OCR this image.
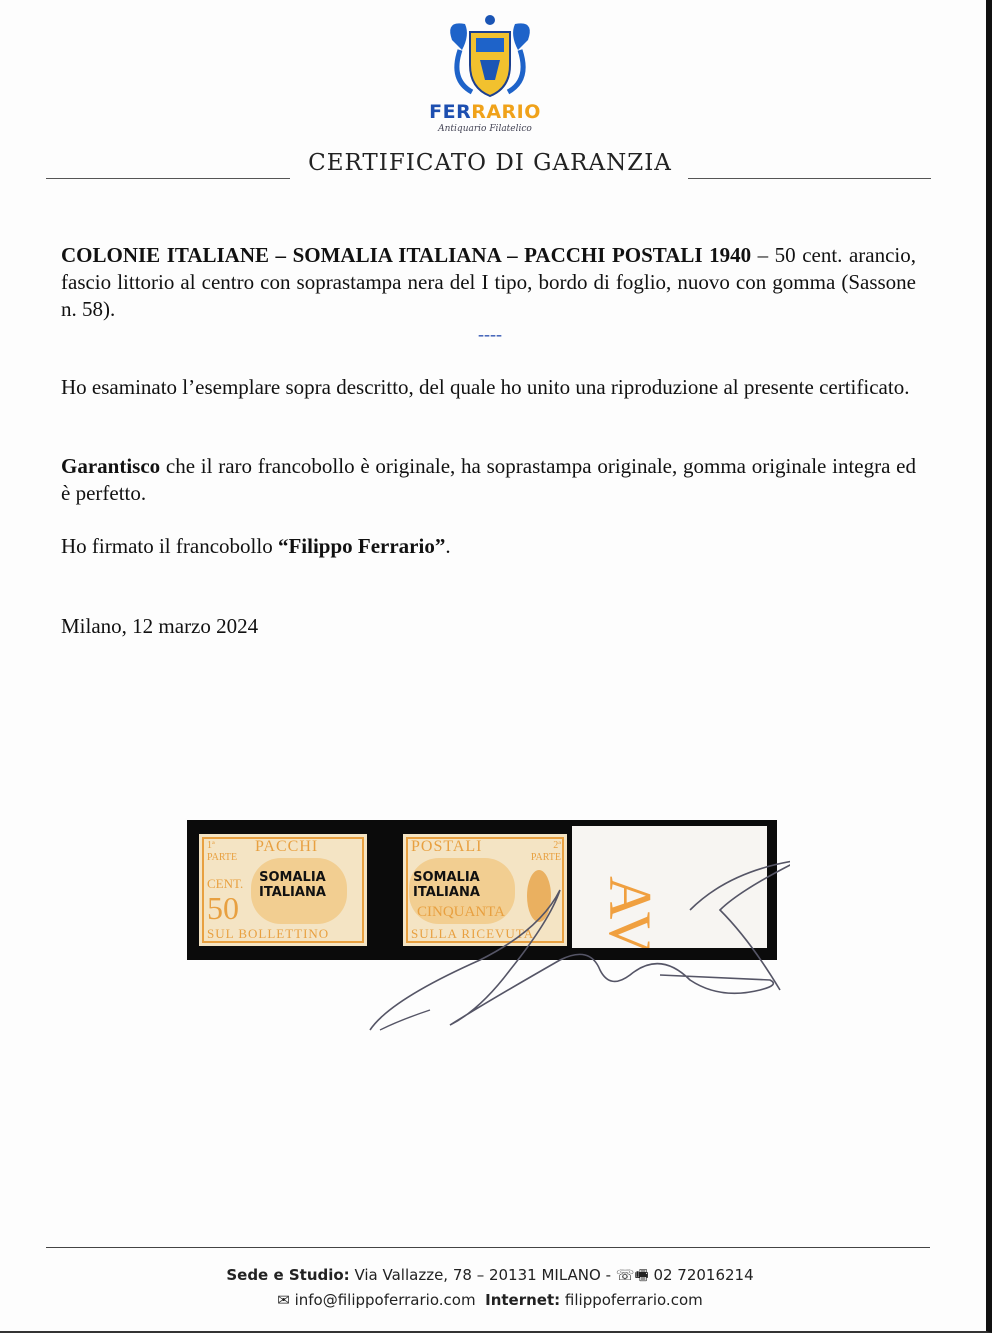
FERRARIO
Antiquario Filatelico
CERTIFICATO DI GARANZIA
COLONIE ITALIANE – SOMALIA ITALIANA – PACCHI POSTALI 1940 – 50 cent. arancio, fascio littorio al centro con soprastampa nera del I tipo, bordo di foglio, nuovo con gomma (Sassone n. 58).
----
Ho esaminato l’esemplare sopra descritto, del quale ho unito una riproduzione al presente certificato.
Garantisco che il raro francobollo è originale, ha soprastampa originale, gomma originale integra ed è perfetto.
Ho firmato il francobollo “Filippo Ferrario”.
Milano, 12 marzo 2024
AV
PACCHI
1ª PARTE
CENT.
50
SUL BOLLETTINO
SOMALIA
ITALIANA
POSTALI	2ª PARTE
SOMALIA
ITALIANA
CINQUANTA
SULLA RICEVUTA
Sede e Studio: Via Vallazze, 78 – 20131 MILANO - ☏🖷 02 72016214
✉ info@filippoferrario.com Internet: filippoferrario.com
